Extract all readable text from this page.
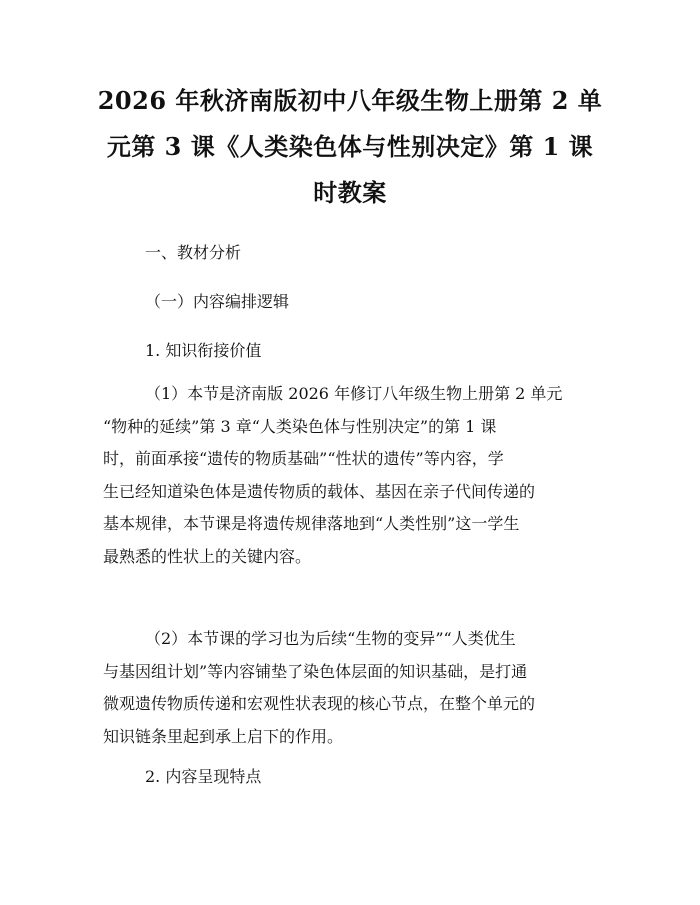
2026 年秋济南版初中八年级生物上册第 2 单
元第 3 课《人类染色体与性别决定》第 1 课
时教案

一、教材分析

（一）内容编排逻辑

1. 知识衔接价值

（1）本节是济南版 2026 年修订八年级生物上册第 2 单元
“物种的延续”第 3 章“人类染色体与性别决定”的第 1 课
时，前面承接“遗传的物质基础”“性状的遗传”等内容，学
生已经知道染色体是遗传物质的载体、基因在亲子代间传递的
基本规律，本节课是将遗传规律落地到“人类性别”这一学生
最熟悉的性状上的关键内容。
（2）本节课的学习也为后续“生物的变异”“人类优生
与基因组计划”等内容铺垫了染色体层面的知识基础，是打通
微观遗传物质传递和宏观性状表现的核心节点，在整个单元的
知识链条里起到承上启下的作用。

2. 内容呈现特点
